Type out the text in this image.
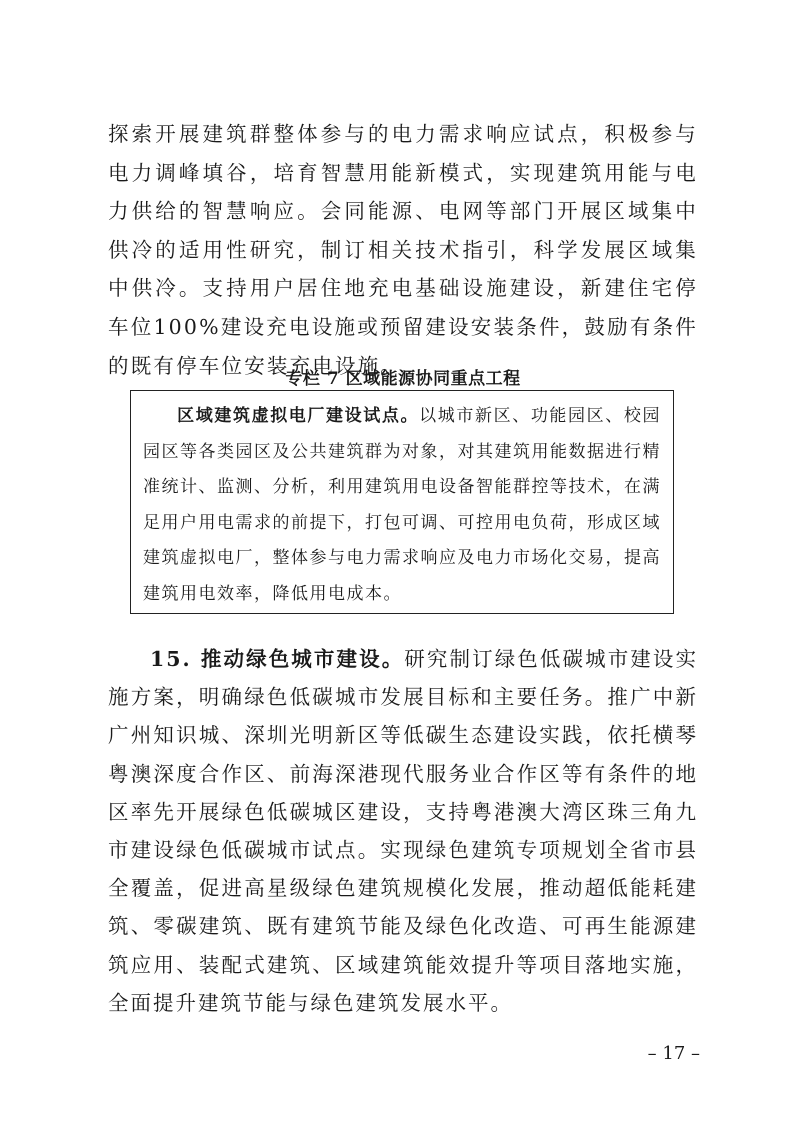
探索开展建筑群整体参与的电力需求响应试点，积极参与电力调峰填谷，培育智慧用能新模式，实现建筑用能与电力供给的智慧响应。会同能源、电网等部门开展区域集中供冷的适用性研究，制订相关技术指引，科学发展区域集中供冷。支持用户居住地充电基础设施建设，新建住宅停车位100%建设充电设施或预留建设安装条件，鼓励有条件的既有停车位安装充电设施。

专栏 7 区域能源协同重点工程

区域建筑虚拟电厂建设试点。以城市新区、功能园区、校园园区等各类园区及公共建筑群为对象，对其建筑用能数据进行精准统计、监测、分析，利用建筑用电设备智能群控等技术，在满足用户用电需求的前提下，打包可调、可控用电负荷，形成区域建筑虚拟电厂，整体参与电力需求响应及电力市场化交易，提高建筑用电效率，降低用电成本。

15. 推动绿色城市建设。研究制订绿色低碳城市建设实施方案，明确绿色低碳城市发展目标和主要任务。推广中新广州知识城、深圳光明新区等低碳生态建设实践，依托横琴粤澳深度合作区、前海深港现代服务业合作区等有条件的地区率先开展绿色低碳城区建设，支持粤港澳大湾区珠三角九市建设绿色低碳城市试点。实现绿色建筑专项规划全省市县全覆盖，促进高星级绿色建筑规模化发展，推动超低能耗建筑、零碳建筑、既有建筑节能及绿色化改造、可再生能源建筑应用、装配式建筑、区域建筑能效提升等项目落地实施，全面提升建筑节能与绿色建筑发展水平。

– 17 –
